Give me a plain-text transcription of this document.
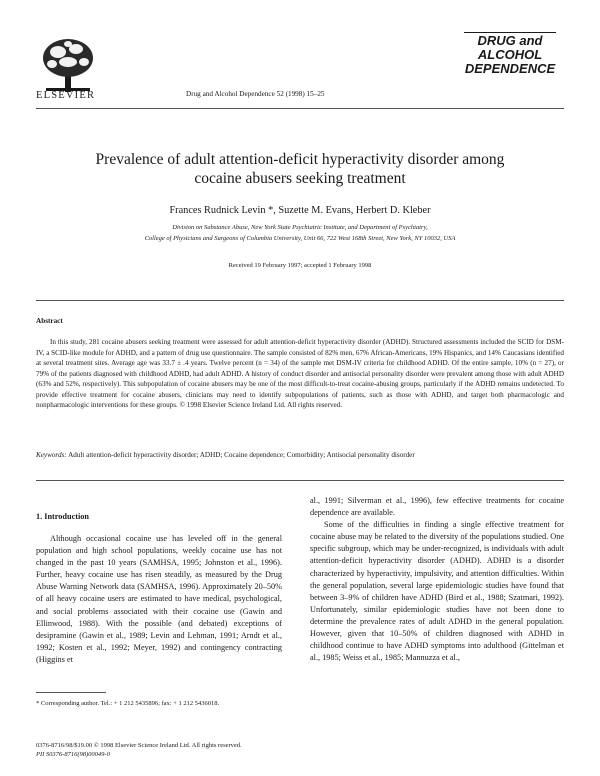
ELSEVIER	Drug and Alcohol Dependence 52 (1998) 15–25
DRUG and
ALCOHOL
DEPENDENCE
Prevalence of adult attention-deficit hyperactivity disorder among
cocaine abusers seeking treatment
Frances Rudnick Levin *, Suzette M. Evans, Herbert D. Kleber
Division on Substance Abuse, New York State Psychiatric Institute, and Department of Psychiatry,
College of Physicians and Surgeons of Columbia University, Unit 66, 722 West 168th Street, New York, NY 10032, USA
Received 19 February 1997; accepted 1 February 1998
Abstract
In this study, 281 cocaine abusers seeking treatment were assessed for adult attention-deficit hyperactivity disorder (ADHD). Structured assessments included the SCID for DSM-IV, a SCID-like module for ADHD, and a pattern of drug use questionnaire. The sample consisted of 82% men, 67% African-Americans, 19% Hispanics, and 14% Caucasians identified at several treatment sites. Average age was 33.7 ± .4 years. Twelve percent (n = 34) of the sample met DSM-IV criteria for childhood ADHD. Of the entire sample, 10% (n = 27), or 79% of the patients diagnosed with childhood ADHD, had adult ADHD. A history of conduct disorder and antisocial personality disorder were prevalent among those with adult ADHD (63% and 52%, respectively). This subpopulation of cocaine abusers may be one of the most difficult-to-treat cocaine-abusing groups, particularly if the ADHD remains undetected. To provide effective treatment for cocaine abusers, clinicians may need to identify subpopulations of patients, such as those with ADHD, and target both pharmacologic and nonpharmacologic interventions for these groups. © 1998 Elsevier Science Ireland Ltd. All rights reserved.
Keywords: Adult attention-deficit hyperactivity disorder; ADHD; Cocaine dependence; Comorbidity; Antisocial personality disorder
1. Introduction

Although occasional cocaine use has leveled off in the general population and high school populations, weekly cocaine use has not changed in the past 10 years (SAMHSA, 1995; Johnston et al., 1996). Further, heavy cocaine use has risen steadily, as measured by the Drug Abuse Warning Network data (SAMHSA, 1996). Approximately 20–50% of all heavy cocaine users are estimated to have medical, psychological, and social problems associated with their cocaine use (Gawin and Ellinwood, 1988). With the possible (and debated) exceptions of desipramine (Gawin et al., 1989; Levin and Lehman, 1991; Arndt et al., 1992; Kosten et al., 1992; Meyer, 1992) and contingency contracting (Higgins et

al., 1991; Silverman et al., 1996), few effective treatments for cocaine dependence are available.

Some of the difficulties in finding a single effective treatment for cocaine abuse may be related to the diversity of the populations studied. One specific subgroup, which may be under-recognized, is individuals with adult attention-deficit hyperactivity disorder (ADHD). ADHD is a disorder characterized by hyperactivity, impulsivity, and attention difficulties. Within the general population, several large epidemiologic studies have found that between 3–9% of children have ADHD (Bird et al., 1988; Szatmari, 1992). Unfortunately, similar epidemiologic studies have not been done to determine the prevalence rates of adult ADHD in the general population. However, given that 10–50% of children diagnosed with ADHD in childhood continue to have ADHD symptoms into adulthood (Gittelman et al., 1985; Weiss et al., 1985; Mannuzza et al.,

* Corresponding author. Tel.: + 1 212 5435896; fax: + 1 212 5436018.
0376-8716/98/$19.00 © 1998 Elsevier Science Ireland Ltd. All rights reserved.
PII S0376-8716(98)00049-0
